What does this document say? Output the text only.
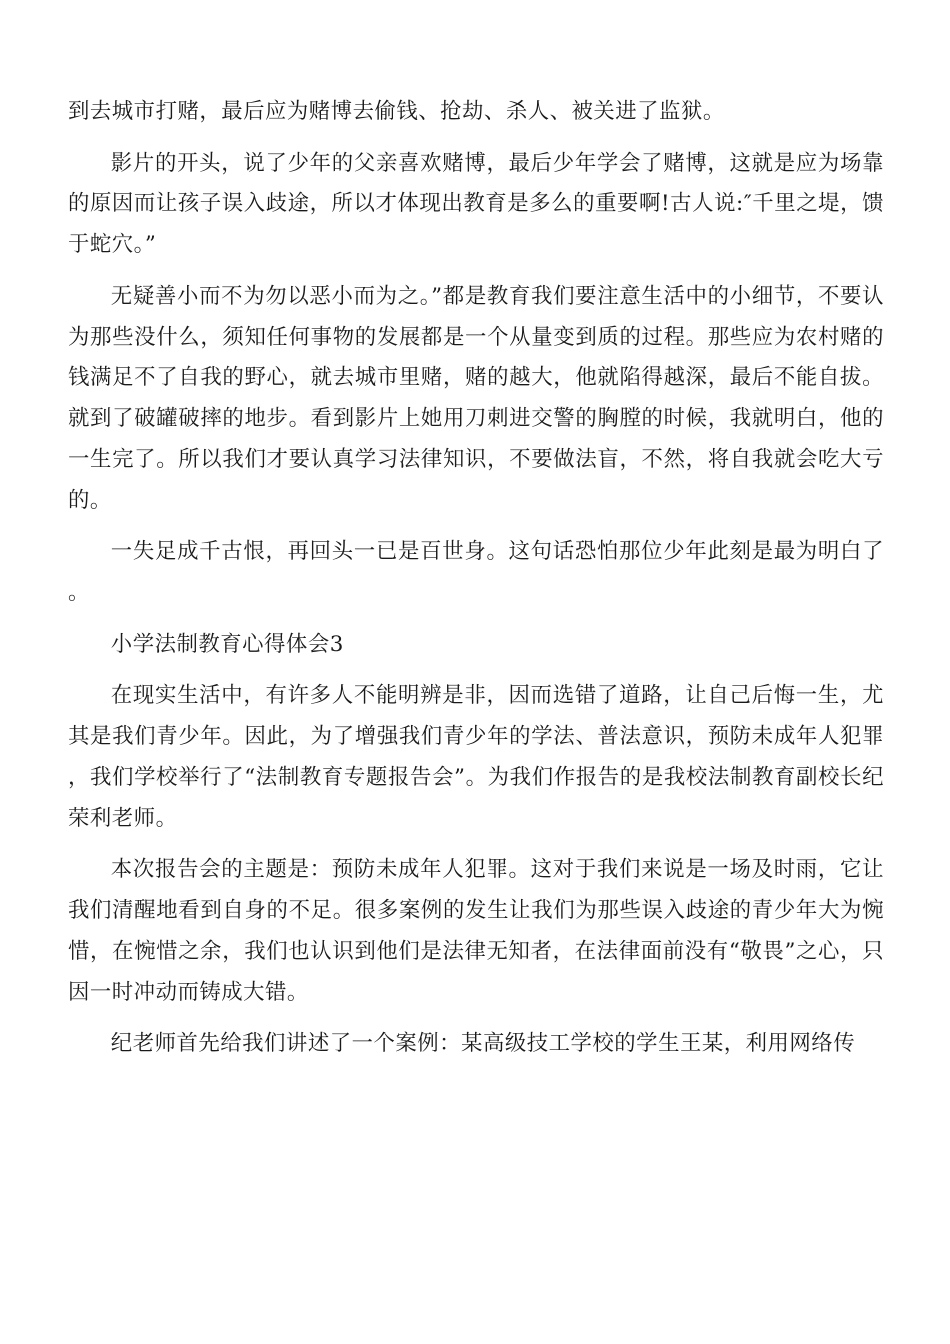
到去城市打赌，最后应为赌博去偷钱、抢劫、杀人、被关进了监狱。

影片的开头，说了少年的父亲喜欢赌博，最后少年学会了赌博，这就是应为场靠的原因而让孩子误入歧途，所以才体现出教育是多么的重要啊!古人说:″千里之堤，馈于蛇穴。”

无疑善小而不为勿以恶小而为之。”都是教育我们要注意生活中的小细节，不要认为那些没什么，须知任何事物的发展都是一个从量变到质的过程。那些应为农村赌的钱满足不了自我的野心，就去城市里赌，赌的越大，他就陷得越深，最后不能自拔。就到了破罐破摔的地步。看到影片上她用刀刺进交警的胸膛的时候，我就明白，他的一生完了。所以我们才要认真学习法律知识，不要做法盲，不然，将自我就会吃大亏的。

一失足成千古恨，再回头一已是百世身。这句话恐怕那位少年此刻是最为明白了。

小学法制教育心得体会3

在现实生活中，有许多人不能明辨是非，因而选错了道路，让自己后悔一生，尤其是我们青少年。因此，为了增强我们青少年的学法、普法意识，预防未成年人犯罪，我们学校举行了“法制教育专题报告会”。为我们作报告的是我校法制教育副校长纪荣利老师。

本次报告会的主题是：预防未成年人犯罪。这对于我们来说是一场及时雨，它让我们清醒地看到自身的不足。很多案例的发生让我们为那些误入歧途的青少年大为惋惜，在惋惜之余，我们也认识到他们是法律无知者，在法律面前没有“敬畏”之心，只因一时冲动而铸成大错。

纪老师首先给我们讲述了一个案例：某高级技工学校的学生王某，利用网络传
